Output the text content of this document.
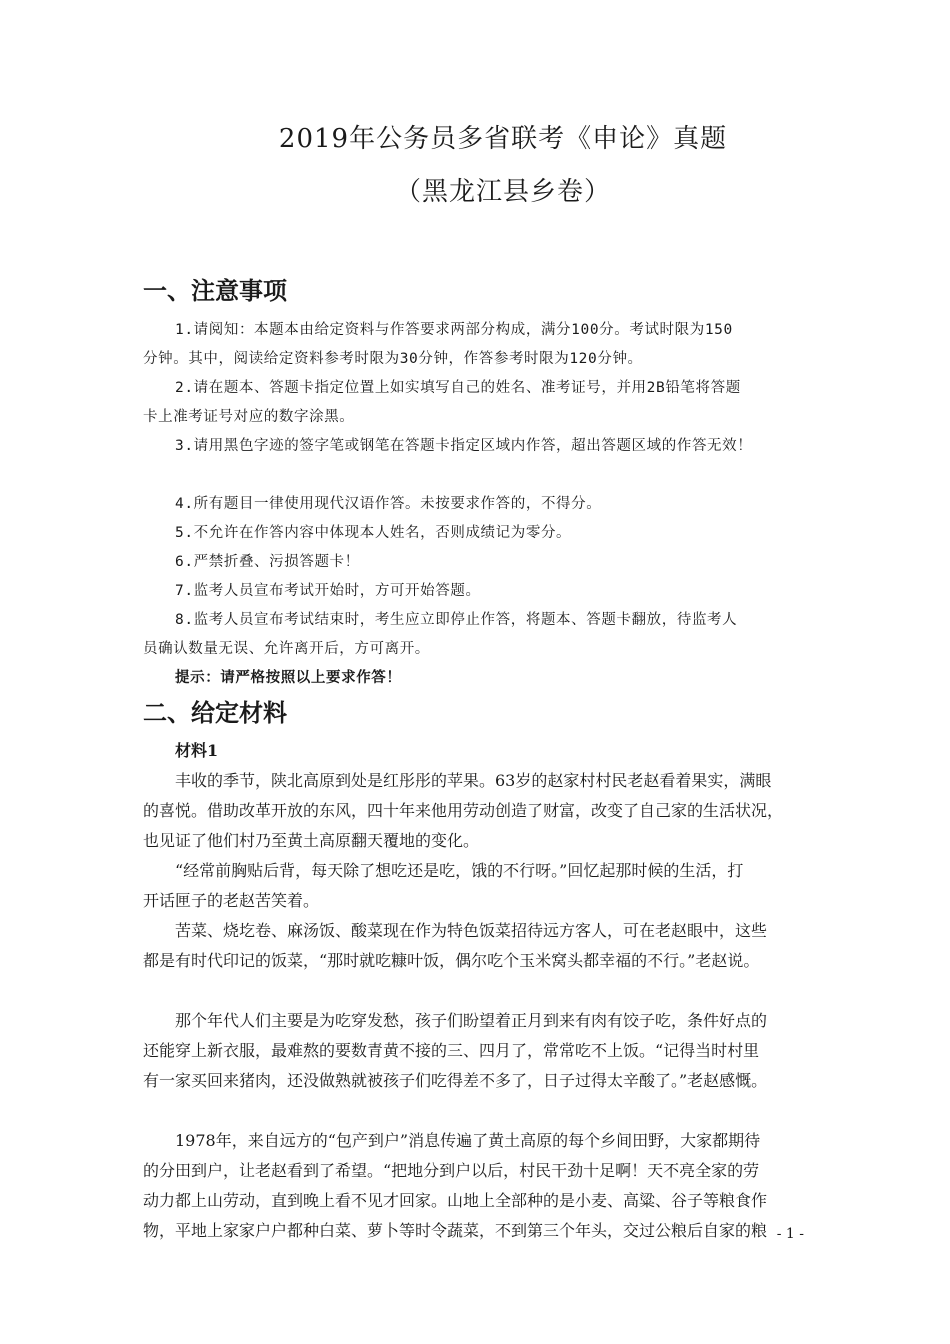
2019年公务员多省联考《申论》真题
（黑龙江县乡卷）
一、注意事项
1.请阅知：本题本由给定资料与作答要求两部分构成，满分100分。考试时限为150
分钟。其中，阅读给定资料参考时限为30分钟，作答参考时限为120分钟。
2.请在题本、答题卡指定位置上如实填写自己的姓名、准考证号，并用2B铅笔将答题
卡上准考证号对应的数字涂黑。
3.请用黑色字迹的签字笔或钢笔在答题卡指定区域内作答，超出答题区域的作答无效！
4.所有题目一律使用现代汉语作答。未按要求作答的，不得分。
5.不允许在作答内容中体现本人姓名，否则成绩记为零分。
6.严禁折叠、污损答题卡！
7.监考人员宣布考试开始时，方可开始答题。
8.监考人员宣布考试结束时，考生应立即停止作答，将题本、答题卡翻放，待监考人
员确认数量无误、允许离开后，方可离开。
提示：请严格按照以上要求作答！
二、给定材料
材料1
丰收的季节，陕北高原到处是红彤彤的苹果。63岁的赵家村村民老赵看着果实，满眼
的喜悦。借助改革开放的东风，四十年来他用劳动创造了财富，改变了自己家的生活状况，
也见证了他们村乃至黄土高原翻天覆地的变化。
“经常前胸贴后背，每天除了想吃还是吃，饿的不行呀。”回忆起那时候的生活，打
开话匣子的老赵苦笑着。
苦菜、烧圪卷、麻汤饭、酸菜现在作为特色饭菜招待远方客人，可在老赵眼中，这些
都是有时代印记的饭菜，“那时就吃糠叶饭，偶尔吃个玉米窝头都幸福的不行。”老赵说。
那个年代人们主要是为吃穿发愁，孩子们盼望着正月到来有肉有饺子吃，条件好点的
还能穿上新衣服，最难熬的要数青黄不接的三、四月了，常常吃不上饭。“记得当时村里
有一家买回来猪肉，还没做熟就被孩子们吃得差不多了，日子过得太辛酸了。”老赵感慨。
1978年，来自远方的“包产到户”消息传遍了黄土高原的每个乡间田野，大家都期待
的分田到户，让老赵看到了希望。“把地分到户以后，村民干劲十足啊！天不亮全家的劳
动力都上山劳动，直到晚上看不见才回家。山地上全部种的是小麦、高粱、谷子等粮食作
物，平地上家家户户都种白菜、萝卜等时令蔬菜，不到第三个年头，交过公粮后自家的粮 - 1 -
